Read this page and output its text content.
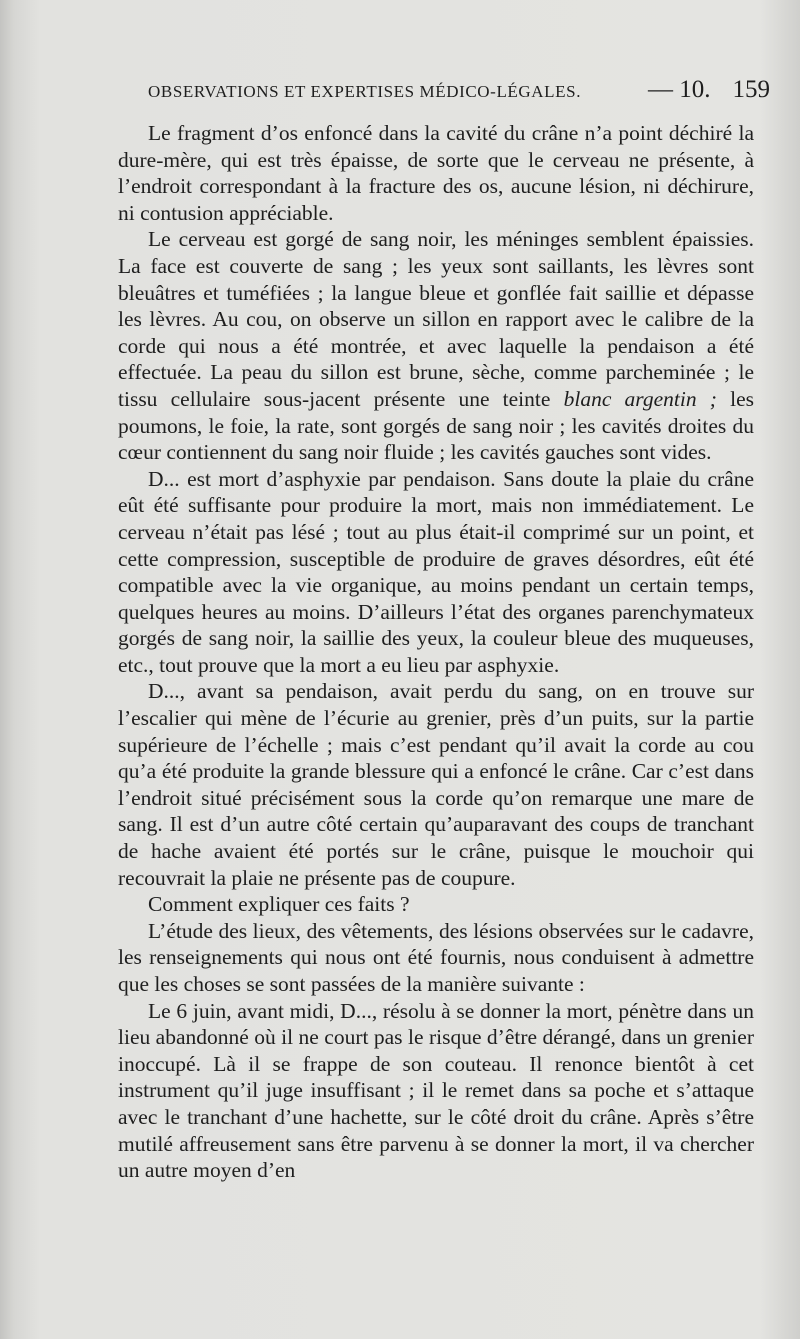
OBSERVATIONS ET EXPERTISES MÉDICO-LÉGALES.	— 10. 159

Le fragment d’os enfoncé dans la cavité du crâne n’a point déchiré la dure-mère, qui est très épaisse, de sorte que le cerveau ne présente, à l’endroit correspondant à la fracture des os, aucune lésion, ni déchirure, ni contusion appréciable.

Le cerveau est gorgé de sang noir, les méninges semblent épaissies. La face est couverte de sang ; les yeux sont saillants, les lèvres sont bleuâtres et tuméfiées ; la langue bleue et gonflée fait saillie et dépasse les lèvres. Au cou, on observe un sillon en rapport avec le calibre de la corde qui nous a été montrée, et avec laquelle la pendaison a été effectuée. La peau du sillon est brune, sèche, comme parcheminée ; le tissu cellulaire sous-jacent présente une teinte blanc argentin ; les poumons, le foie, la rate, sont gorgés de sang noir ; les cavités droites du cœur contiennent du sang noir fluide ; les cavités gauches sont vides.

D... est mort d’asphyxie par pendaison. Sans doute la plaie du crâne eût été suffisante pour produire la mort, mais non immédiatement. Le cerveau n’était pas lésé ; tout au plus était-il comprimé sur un point, et cette compression, susceptible de produire de graves désordres, eût été compatible avec la vie organique, au moins pendant un certain temps, quelques heures au moins. D’ailleurs l’état des organes parenchymateux gorgés de sang noir, la saillie des yeux, la couleur bleue des muqueuses, etc., tout prouve que la mort a eu lieu par asphyxie.

D..., avant sa pendaison, avait perdu du sang, on en trouve sur l’escalier qui mène de l’écurie au grenier, près d’un puits, sur la partie supérieure de l’échelle ; mais c’est pendant qu’il avait la corde au cou qu’a été produite la grande blessure qui a enfoncé le crâne. Car c’est dans l’endroit situé précisément sous la corde qu’on remarque une mare de sang. Il est d’un autre côté certain qu’auparavant des coups de tranchant de hache avaient été portés sur le crâne, puisque le mouchoir qui recouvrait la plaie ne présente pas de coupure.

Comment expliquer ces faits ?

L’étude des lieux, des vêtements, des lésions observées sur le cadavre, les renseignements qui nous ont été fournis, nous conduisent à admettre que les choses se sont passées de la manière suivante :

Le 6 juin, avant midi, D..., résolu à se donner la mort, pénètre dans un lieu abandonné où il ne court pas le risque d’être dérangé, dans un grenier inoccupé. Là il se frappe de son couteau. Il renonce bientôt à cet instrument qu’il juge insuffisant ; il le remet dans sa poche et s’attaque avec le tranchant d’une hachette, sur le côté droit du crâne. Après s’être mutilé affreusement sans être parvenu à se donner la mort, il va chercher un autre moyen d’en
